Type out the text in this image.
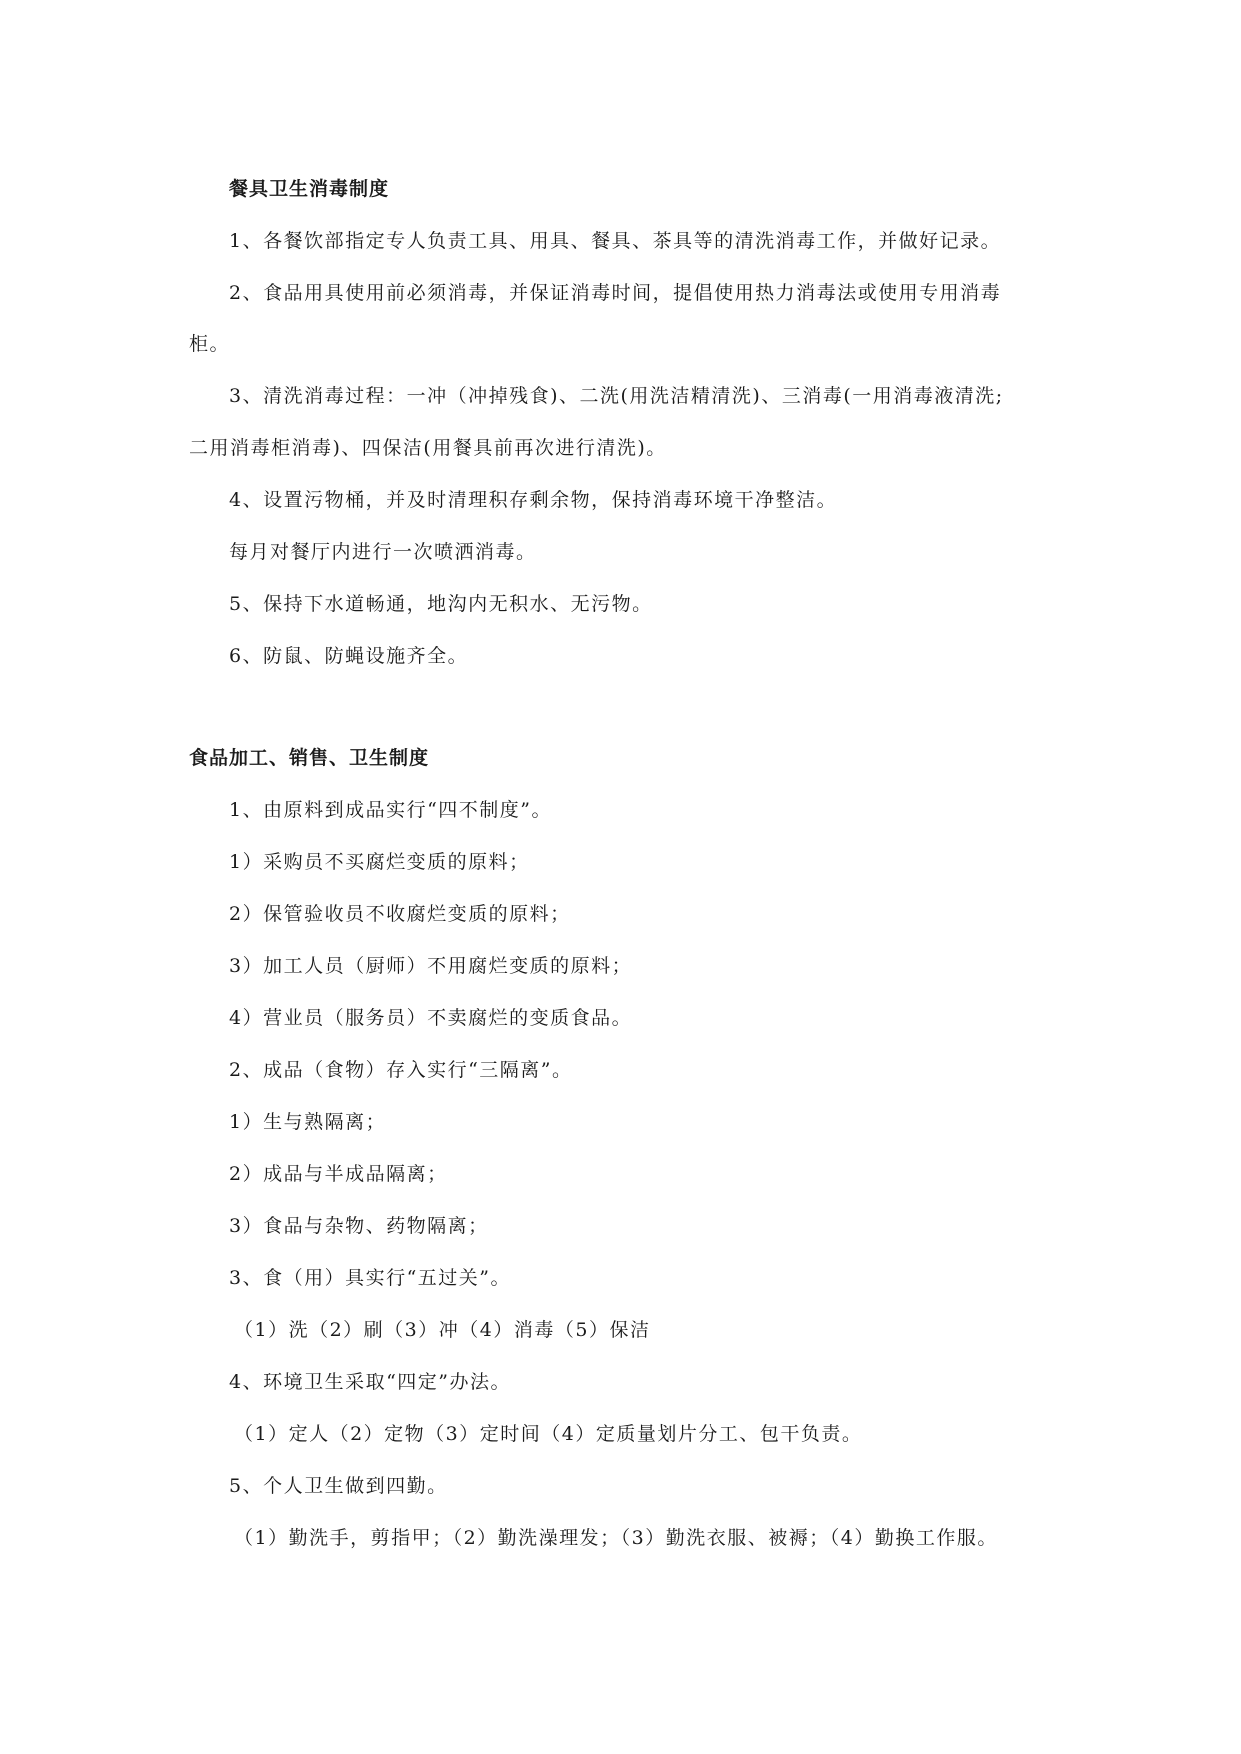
餐具卫生消毒制度
1、各餐饮部指定专人负责工具、用具、餐具、茶具等的清洗消毒工作，并做好记录。
2、食品用具使用前必须消毒，并保证消毒时间，提倡使用热力消毒法或使用专用消毒
柜。
3、清洗消毒过程：一冲（冲掉残食)、二洗(用洗洁精清洗)、三消毒(一用消毒液清洗;
二用消毒柜消毒)、四保洁(用餐具前再次进行清洗)。
4、设置污物桶，并及时清理积存剩余物，保持消毒环境干净整洁。
每月对餐厅内进行一次喷洒消毒。
5、保持下水道畅通，地沟内无积水、无污物。
6、防鼠、防蝇设施齐全。
食品加工、销售、卫生制度
1、由原料到成品实行“四不制度”。
1）采购员不买腐烂变质的原料；
2）保管验收员不收腐烂变质的原料；
3）加工人员（厨师）不用腐烂变质的原料；
4）营业员（服务员）不卖腐烂的变质食品。
2、成品（食物）存入实行“三隔离”。
1）生与熟隔离；
2）成品与半成品隔离；
3）食品与杂物、药物隔离；
3、食（用）具实行“五过关”。
（1）洗（2）刷（3）冲（4）消毒（5）保洁
4、环境卫生采取“四定”办法。
（1）定人（2）定物（3）定时间（4）定质量划片分工、包干负责。
5、个人卫生做到四勤。
（1）勤洗手，剪指甲；（2）勤洗澡理发；（3）勤洗衣服、被褥；（4）勤换工作服。
